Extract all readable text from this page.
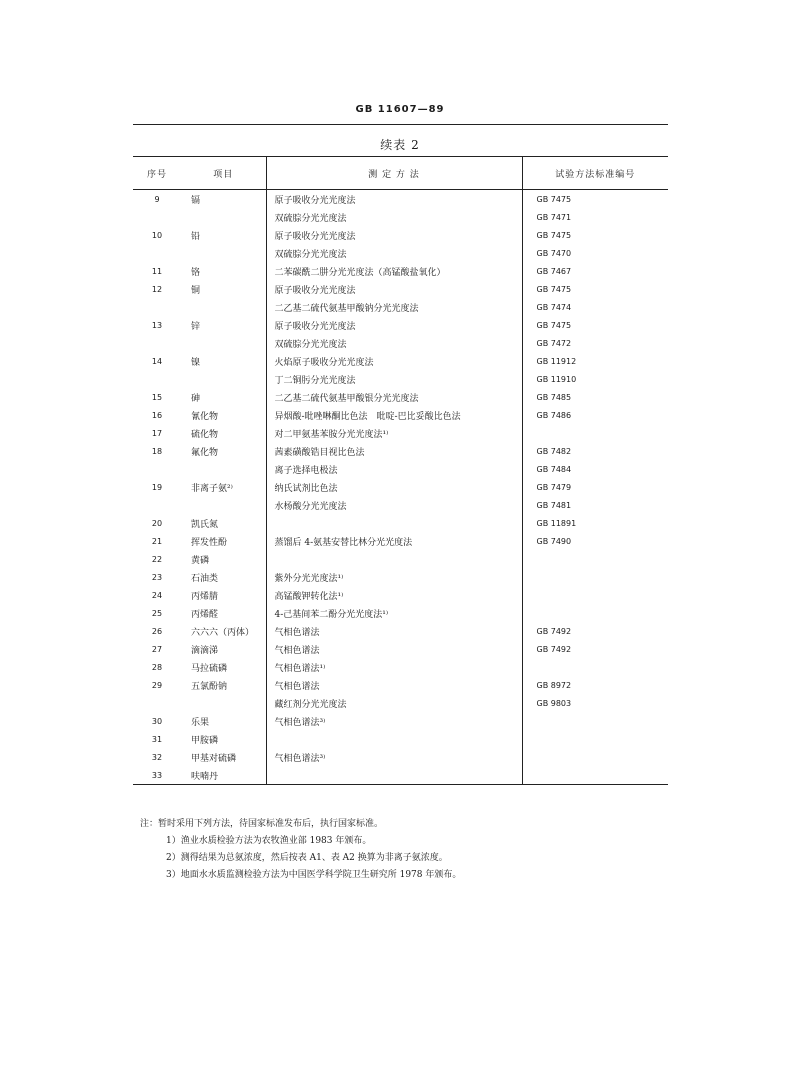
GB 11607—89
续表 2
序号	项目	测 定 方 法	试验方法标准编号
9	镉	原子吸收分光光度法	GB 7475
		双硫腙分光光度法	GB 7471
10	铅	原子吸收分光光度法	GB 7475
		双硫腙分光光度法	GB 7470
11	铬	二苯碳酰二肼分光光度法（高锰酸盐氧化）	GB 7467
12	铜	原子吸收分光光度法	GB 7475
		二乙基二硫代氨基甲酸钠分光光度法	GB 7474
13	锌	原子吸收分光光度法	GB 7475
		双硫腙分光光度法	GB 7472
14	镍	火焰原子吸收分光光度法	GB 11912
		丁二铜肟分光光度法	GB 11910
15	砷	二乙基二硫代氨基甲酸银分光光度法	GB 7485
16	氰化物	异烟酸-吡唑啉酮比色法　吡啶-巴比妥酸比色法	GB 7486
17	硫化物	对二甲氨基苯胺分光光度法¹⁾	
18	氟化物	茜素磺酸锆目视比色法	GB 7482
		离子选择电极法	GB 7484
19	非离子氨²⁾	纳氏试剂比色法	GB 7479
		水杨酸分光光度法	GB 7481
20	凯氏氮		GB 11891
21	挥发性酚	蒸馏后 4-氨基安替比林分光光度法	GB 7490
22	黄磷		
23	石油类	紫外分光光度法¹⁾	
24	丙烯腈	高锰酸钾转化法¹⁾	
25	丙烯醛	4-己基间苯二酚分光光度法¹⁾	
26	六六六（丙体）	气相色谱法	GB 7492
27	滴滴涕	气相色谱法	GB 7492
28	马拉硫磷	气相色谱法¹⁾	
29	五氯酚钠	气相色谱法	GB 8972
		藏红剂分光光度法	GB 9803
30	乐果	气相色谱法³⁾	
31	甲胺磷		
32	甲基对硫磷	气相色谱法³⁾	
33	呋喃丹		

注：暂时采用下列方法，待国家标准发布后，执行国家标准。

1）渔业水质检验方法为农牧渔业部 1983 年颁布。

2）测得结果为总氨浓度，然后按表 A1、表 A2 换算为非离子氨浓度。

3）地面水水质监测检验方法为中国医学科学院卫生研究所 1978 年颁布。
